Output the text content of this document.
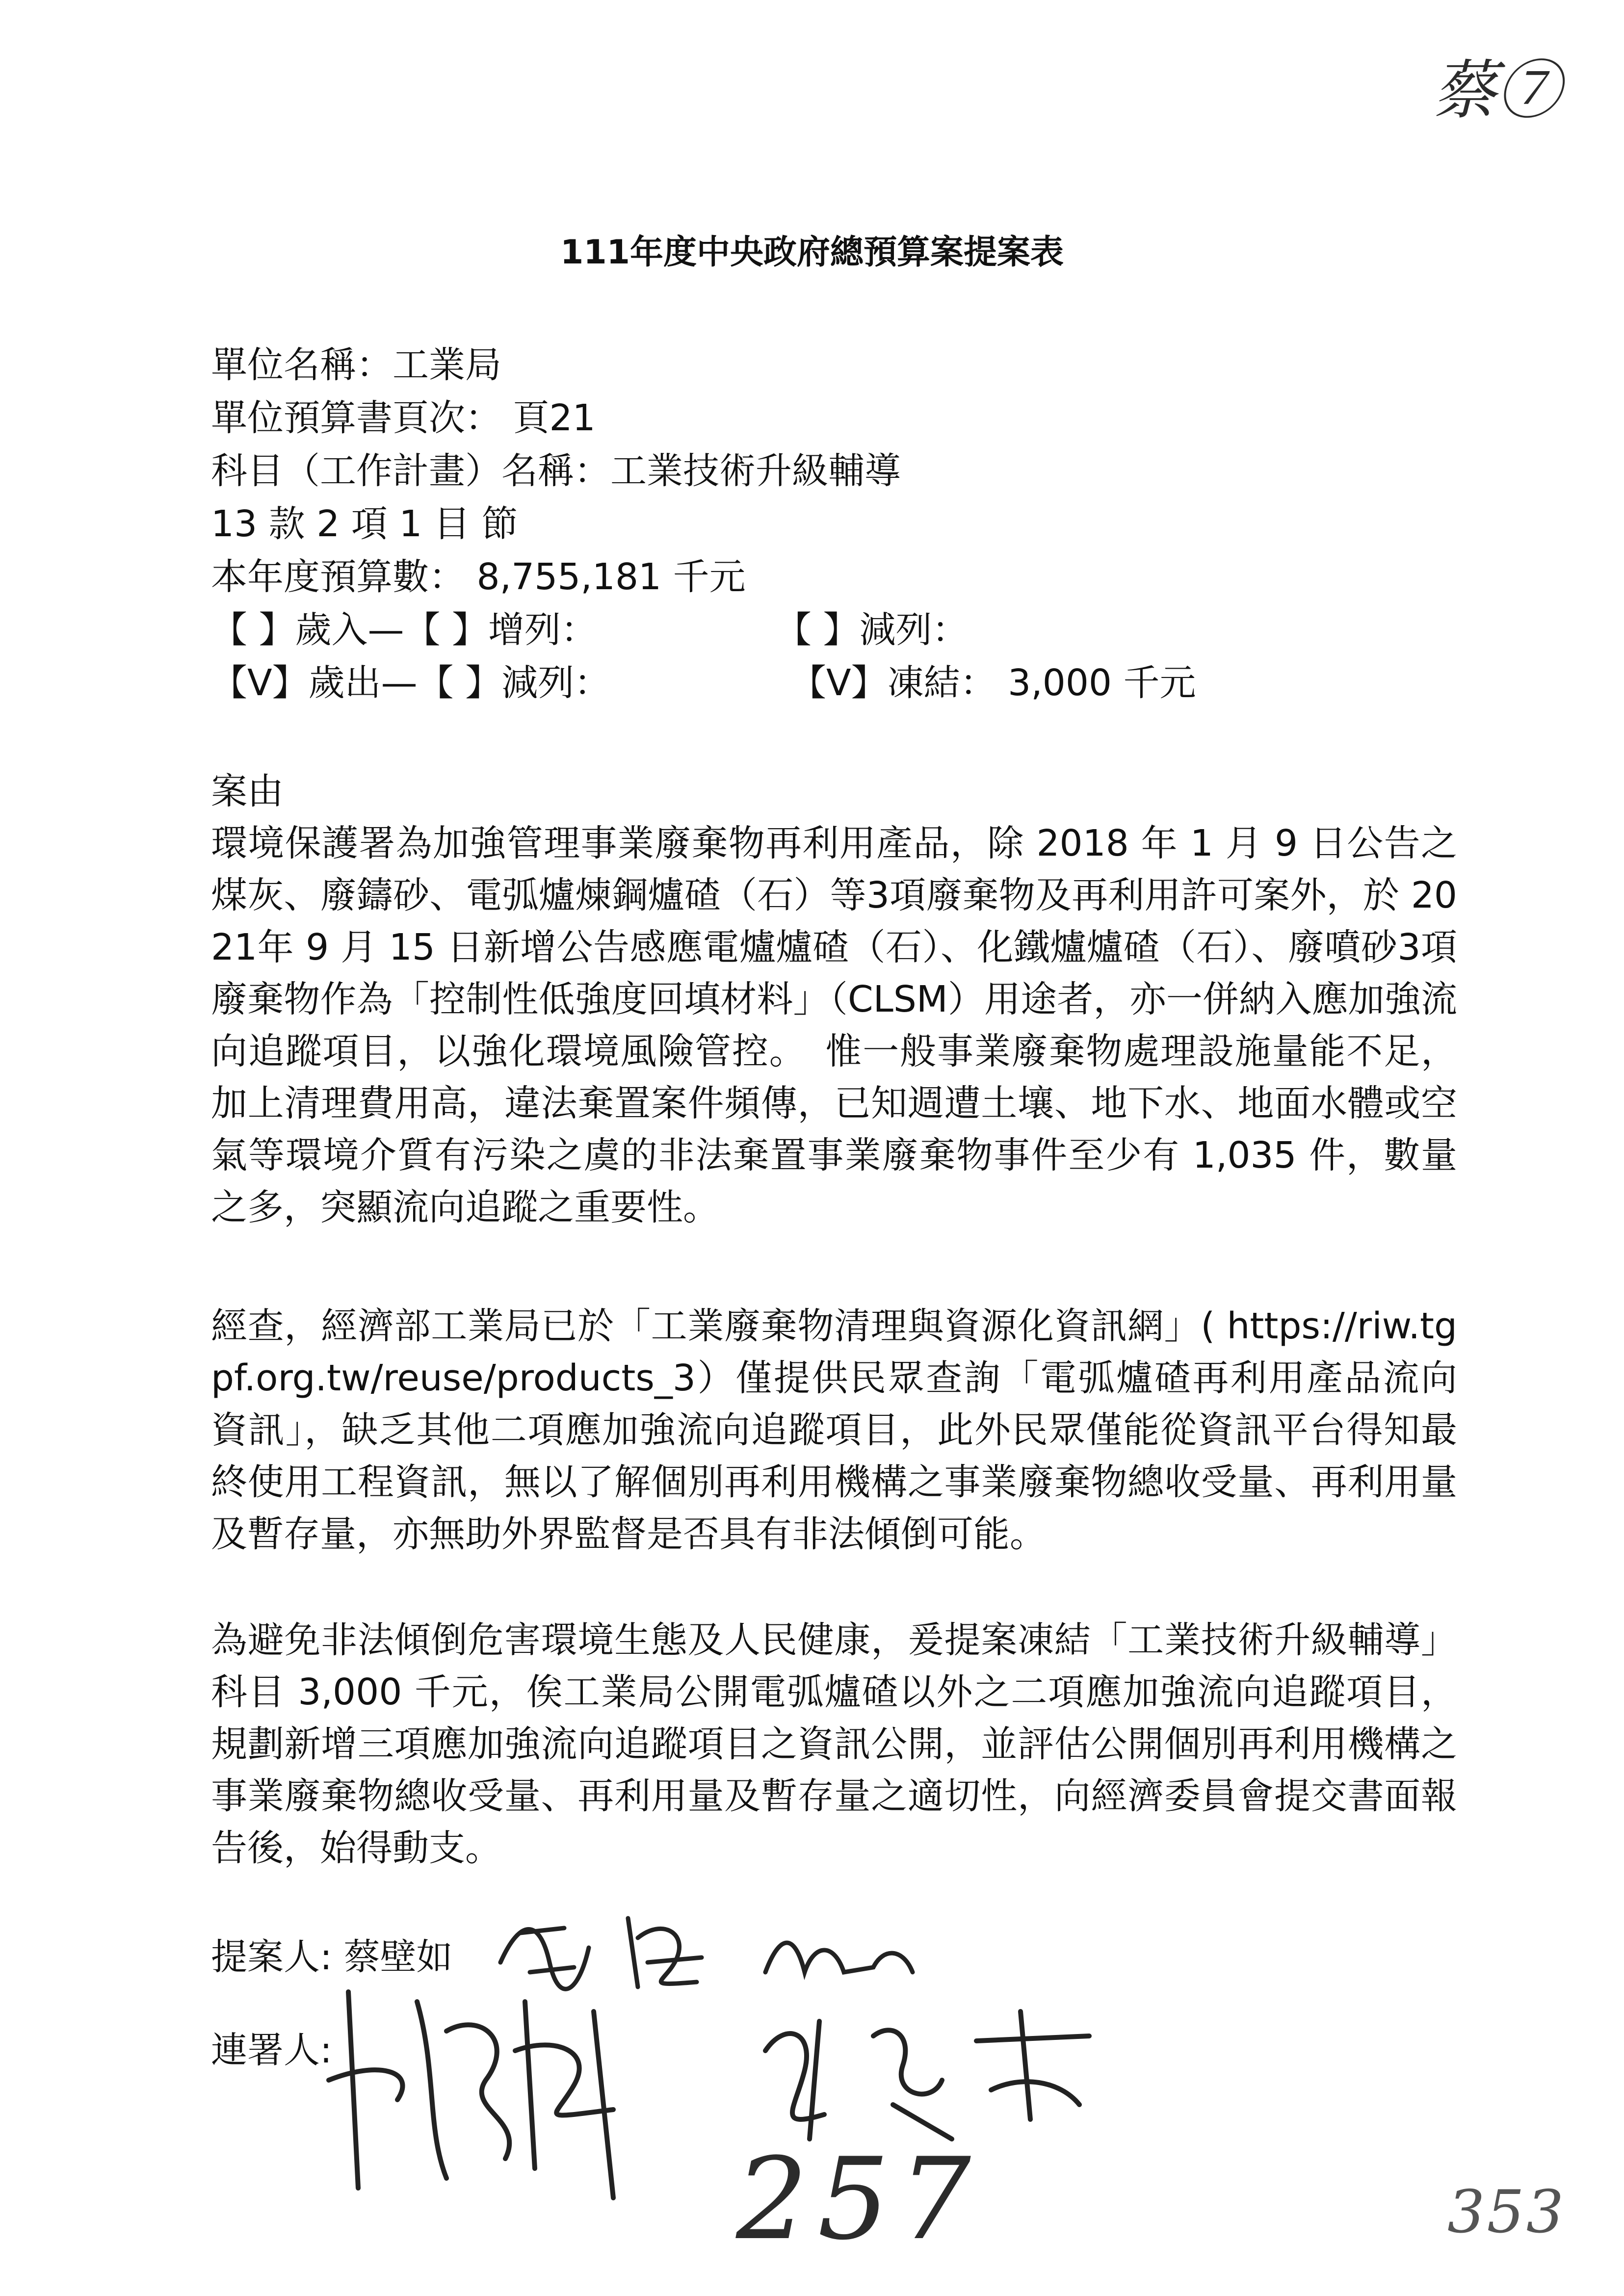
蔡⑦
111年度中央政府總預算案提案表
單位名稱：工業局
單位預算書頁次： 頁21
科目（工作計畫）名稱：工業技術升級輔導
13 款 2 項 1 目 節
本年度預算數： 8,755,181 千元
【 】歲入—【 】增列：	【 】減列：
【V】歲出—【 】減列：	【V】凍結： 3,000 千元

案由

環境保護署為加強管理事業廢棄物再利用產品，除 2018 年 1 月 9 日公告之煤灰、廢鑄砂、電弧爐煉鋼爐碴（石）等3項廢棄物及再利用許可案外，於 2021年 9 月 15 日新增公告感應電爐爐碴（石）、化鐵爐爐碴（石）、廢噴砂3項廢棄物作為「控制性低強度回填材料」（CLSM）用途者，亦一併納入應加強流向追蹤項目，以強化環境風險管控。　惟一般事業廢棄物處理設施量能不足，加上清理費用高，違法棄置案件頻傳，已知週遭土壤、地下水、地面水體或空氣等環境介質有污染之虞的非法棄置事業廢棄物事件至少有 1,035 件，數量之多，突顯流向追蹤之重要性。

經查，經濟部工業局已於「工業廢棄物清理與資源化資訊網」( https://riw.tgpf.org.tw/reuse/products_3）僅提供民眾查詢「電弧爐碴再利用產品流向資訊」，缺乏其他二項應加強流向追蹤項目，此外民眾僅能從資訊平台得知最終使用工程資訊，無以了解個別再利用機構之事業廢棄物總收受量、再利用量及暫存量，亦無助外界監督是否具有非法傾倒可能。

為避免非法傾倒危害環境生態及人民健康，爰提案凍結「工業技術升級輔導」科目 3,000 千元，俟工業局公開電弧爐碴以外之二項應加強流向追蹤項目，規劃新增三項應加強流向追蹤項目之資訊公開，並評估公開個別再利用機構之事業廢棄物總收受量、再利用量及暫存量之適切性，向經濟委員會提交書面報告後，始得動支。

提案人: 蔡壁如
連署人:
257	353
